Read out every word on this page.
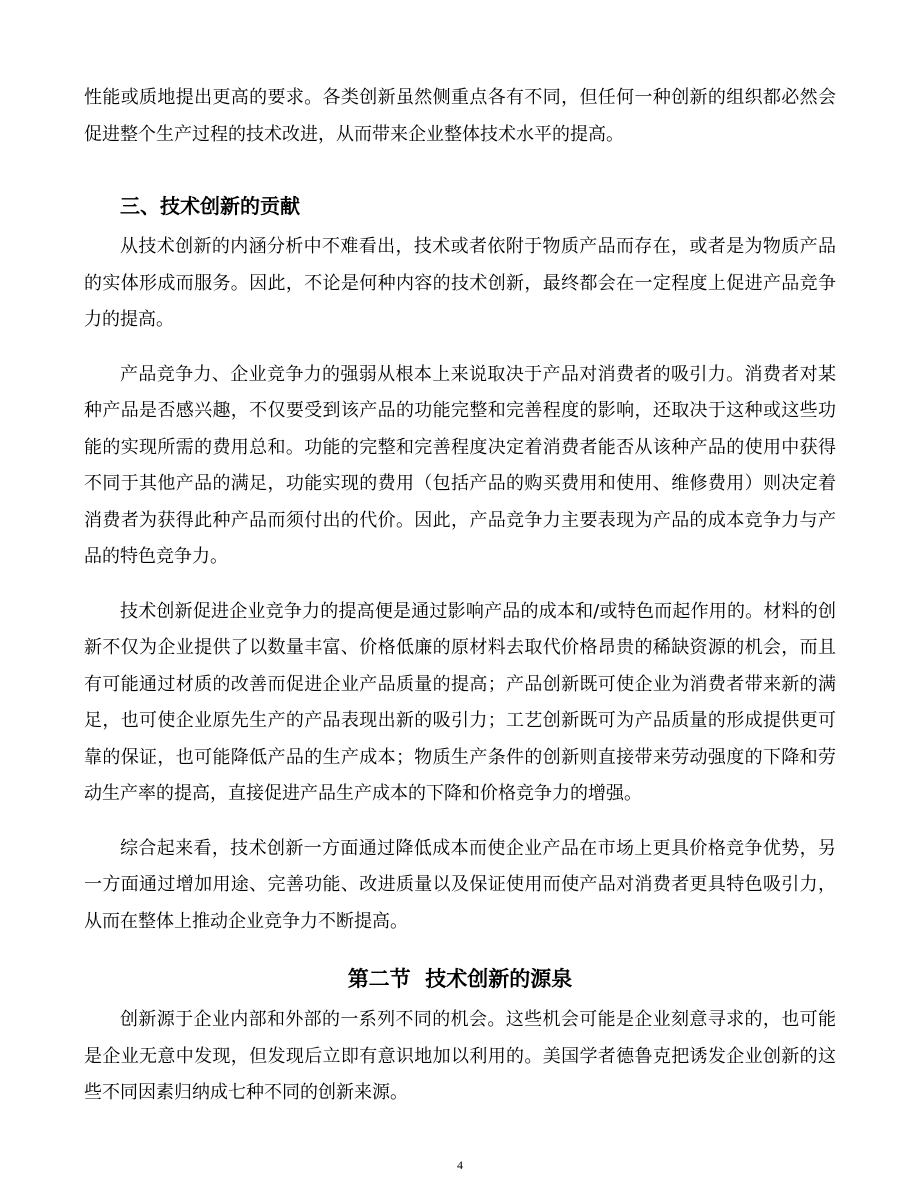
性能或质地提出更高的要求。各类创新虽然侧重点各有不同，但任何一种创新的组织都必然会促进整个生产过程的技术改进，从而带来企业整体技术水平的提高。

三、技术创新的贡献

从技术创新的内涵分析中不难看出，技术或者依附于物质产品而存在，或者是为物质产品的实体形成而服务。因此，不论是何种内容的技术创新，最终都会在一定程度上促进产品竞争力的提高。

产品竞争力、企业竞争力的强弱从根本上来说取决于产品对消费者的吸引力。消费者对某种产品是否感兴趣，不仅要受到该产品的功能完整和完善程度的影响，还取决于这种或这些功能的实现所需的费用总和。功能的完整和完善程度决定着消费者能否从该种产品的使用中获得不同于其他产品的满足，功能实现的费用（包括产品的购买费用和使用、维修费用）则决定着消费者为获得此种产品而须付出的代价。因此，产品竞争力主要表现为产品的成本竞争力与产品的特色竞争力。

技术创新促进企业竞争力的提高便是通过影响产品的成本和/或特色而起作用的。材料的创新不仅为企业提供了以数量丰富、价格低廉的原材料去取代价格昂贵的稀缺资源的机会，而且有可能通过材质的改善而促进企业产品质量的提高；产品创新既可使企业为消费者带来新的满足，也可使企业原先生产的产品表现出新的吸引力；工艺创新既可为产品质量的形成提供更可靠的保证，也可能降低产品的生产成本；物质生产条件的创新则直接带来劳动强度的下降和劳动生产率的提高，直接促进产品生产成本的下降和价格竞争力的增强。

综合起来看，技术创新一方面通过降低成本而使企业产品在市场上更具价格竞争优势，另一方面通过增加用途、完善功能、改进质量以及保证使用而使产品对消费者更具特色吸引力，从而在整体上推动企业竞争力不断提高。

第二节  技术创新的源泉

创新源于企业内部和外部的一系列不同的机会。这些机会可能是企业刻意寻求的，也可能是企业无意中发现，但发现后立即有意识地加以利用的。美国学者德鲁克把诱发企业创新的这些不同因素归纳成七种不同的创新来源。

4
